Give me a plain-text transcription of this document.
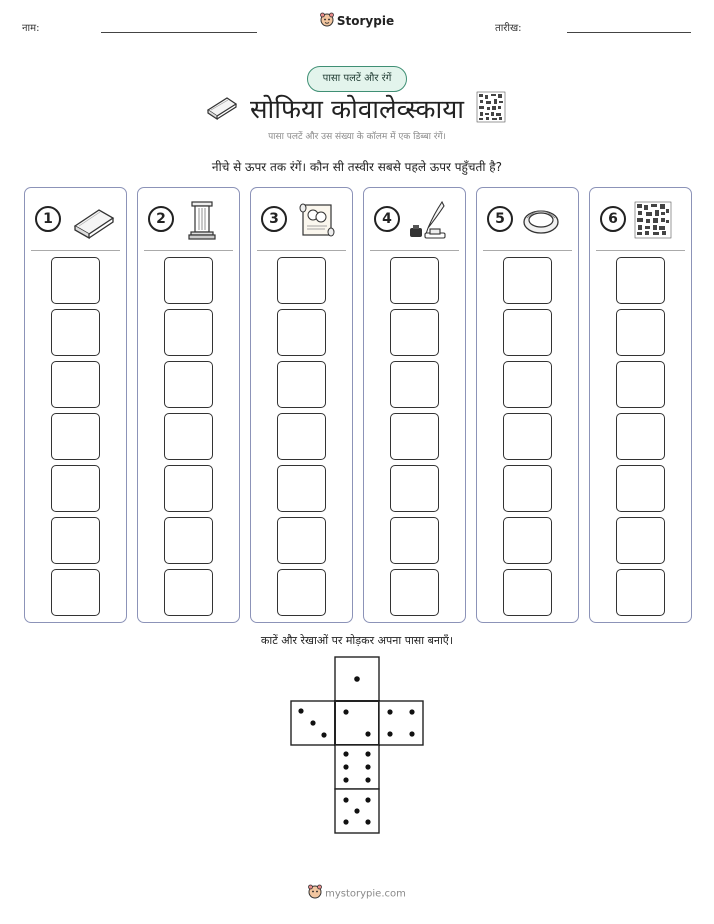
नाम:
Storypie
तारीख:
पासा पलटें और रंगें
सोफिया कोवालेव्स्काया
पासा पलटें और उस संख्या के कॉलम में एक डिब्बा रंगें।
नीचे से ऊपर तक रंगें। कौन सी तस्वीर सबसे पहले ऊपर पहुँचती है?
1	2	3	4	5	6
काटें और रेखाओं पर मोड़कर अपना पासा बनाएँ।
mystorypie.com
